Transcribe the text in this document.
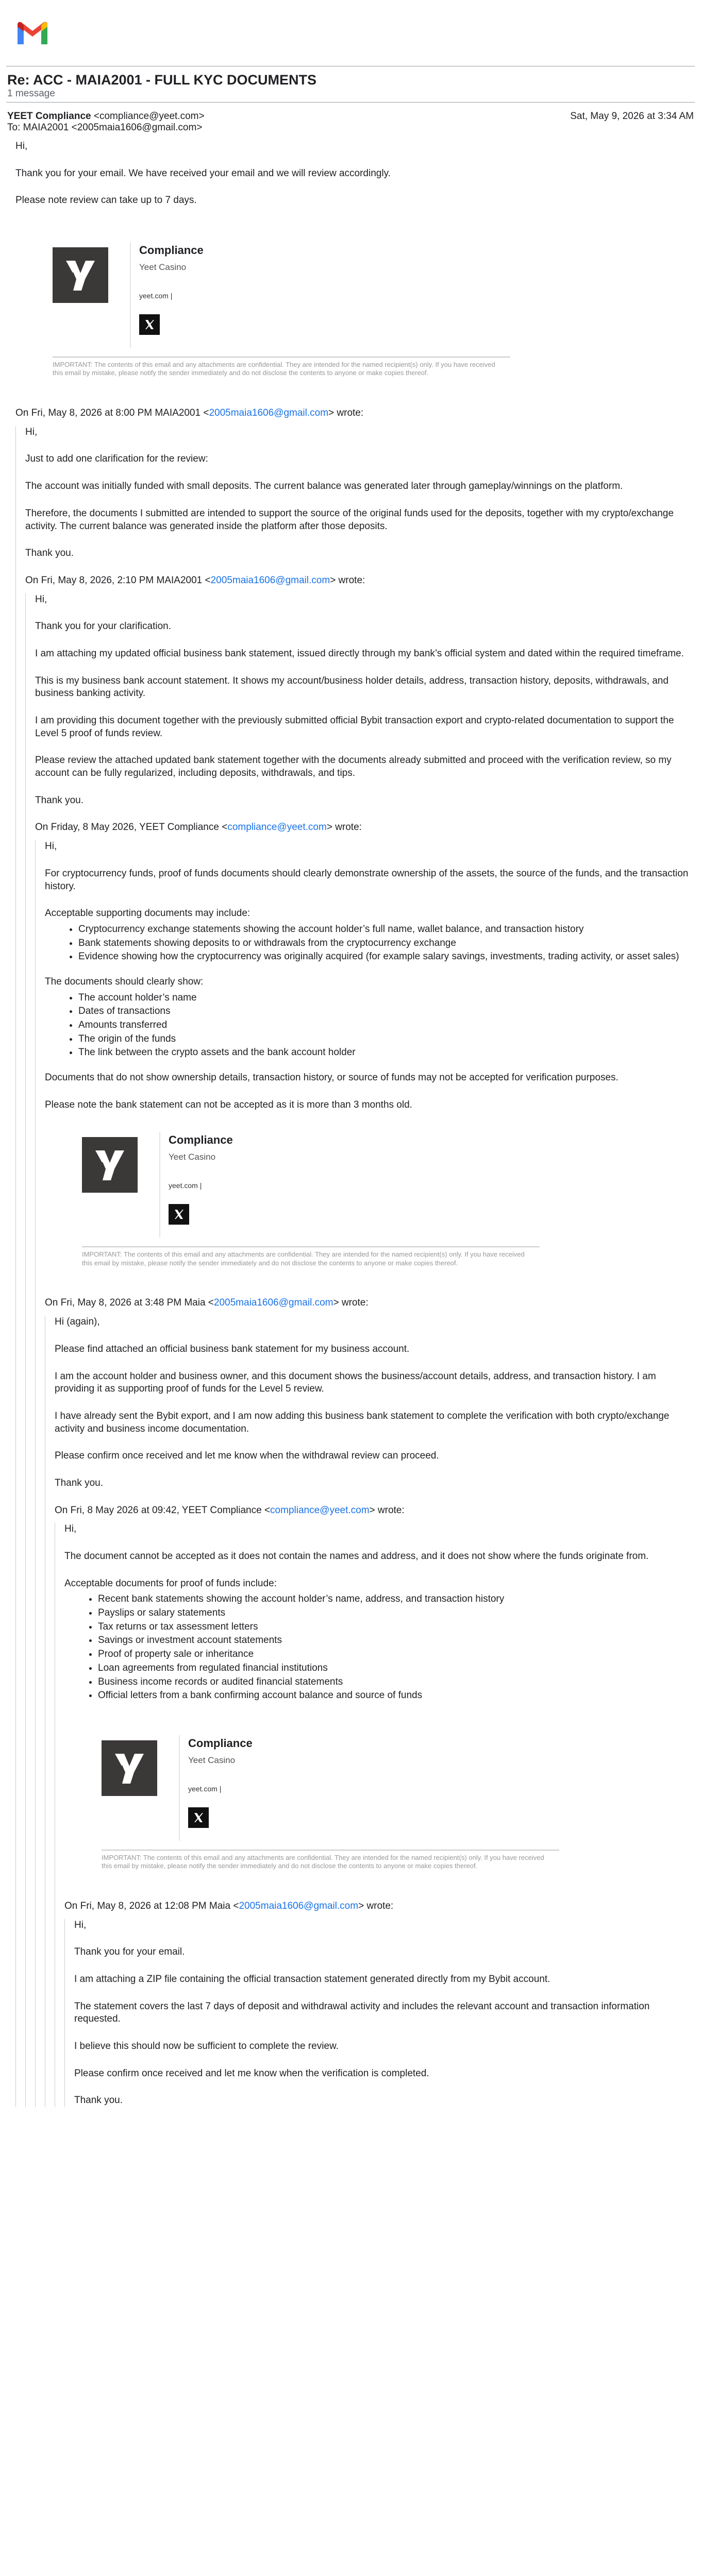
Re: ACC - MAIA2001 - FULL KYC DOCUMENTS
1 message
YEET Compliance <compliance@yeet.com>	Sat, May 9, 2026 at 3:34 AM
To: MAIA2001 <2005maia1606@gmail.com>

Hi,

Thank you for your email. We have received your email and we will review accordingly.

Please note review can take up to 7 days.

Compliance
Yeet Casino
yeet.com |
IMPORTANT: The contents of this email and any attachments are confidential. They are intended for the named recipient(s) only. If you have received this email by mistake, please notify the sender immediately and do not disclose the contents to anyone or make copies thereof.
On Fri, May 8, 2026 at 8:00 PM MAIA2001 <2005maia1606@gmail.com> wrote:

Hi,

Just to add one clarification for the review:

The account was initially funded with small deposits. The current balance was generated later through gameplay/winnings on the platform.

Therefore, the documents I submitted are intended to support the source of the original funds used for the deposits, together with my crypto/exchange activity. The current balance was generated inside the platform after those deposits.

Thank you.

On Fri, May 8, 2026, 2:10 PM MAIA2001 <2005maia1606@gmail.com> wrote:

Hi,

Thank you for your clarification.

I am attaching my updated official business bank statement, issued directly through my bank’s official system and dated within the required timeframe.

This is my business bank account statement. It shows my account/business holder details, address, transaction history, deposits, withdrawals, and business banking activity.

I am providing this document together with the previously submitted official Bybit transaction export and crypto-related documentation to support the Level 5 proof of funds review.

Please review the attached updated bank statement together with the documents already submitted and proceed with the verification review, so my account can be fully regularized, including deposits, withdrawals, and tips.

Thank you.

On Friday, 8 May 2026, YEET Compliance <compliance@yeet.com> wrote:

Hi,

For cryptocurrency funds, proof of funds documents should clearly demonstrate ownership of the assets, the source of the funds, and the transaction history.

Acceptable supporting documents may include:

• Cryptocurrency exchange statements showing the account holder’s full name, wallet balance, and transaction history
• Bank statements showing deposits to or withdrawals from the cryptocurrency exchange
• Evidence showing how the cryptocurrency was originally acquired (for example salary savings, investments, trading activity, or asset sales)

The documents should clearly show:

• The account holder’s name
• Dates of transactions
• Amounts transferred
• The origin of the funds
• The link between the crypto assets and the bank account holder

Documents that do not show ownership details, transaction history, or source of funds may not be accepted for verification purposes.

Please note the bank statement can not be accepted as it is more than 3 months old.

Compliance
Yeet Casino
yeet.com |
IMPORTANT: The contents of this email and any attachments are confidential. They are intended for the named recipient(s) only. If you have received this email by mistake, please notify the sender immediately and do not disclose the contents to anyone or make copies thereof.
On Fri, May 8, 2026 at 3:48 PM Maia <2005maia1606@gmail.com> wrote:

Hi (again),

Please find attached an official business bank statement for my business account.

I am the account holder and business owner, and this document shows the business/account details, address, and transaction history. I am providing it as supporting proof of funds for the Level 5 review.

I have already sent the Bybit export, and I am now adding this business bank statement to complete the verification with both crypto/exchange activity and business income documentation.

Please confirm once received and let me know when the withdrawal review can proceed.

Thank you.

On Fri, 8 May 2026 at 09:42, YEET Compliance <compliance@yeet.com> wrote:

Hi,

The document cannot be accepted as it does not contain the names and address, and it does not show where the funds originate from.

Acceptable documents for proof of funds include:

• Recent bank statements showing the account holder’s name, address, and transaction history
• Payslips or salary statements
• Tax returns or tax assessment letters
• Savings or investment account statements
• Proof of property sale or inheritance
• Loan agreements from regulated financial institutions
• Business income records or audited financial statements
• Official letters from a bank confirming account balance and source of funds
Compliance
Yeet Casino
yeet.com |
IMPORTANT: The contents of this email and any attachments are confidential. They are intended for the named recipient(s) only. If you have received this email by mistake, please notify the sender immediately and do not disclose the contents to anyone or make copies thereof.
On Fri, May 8, 2026 at 12:08 PM Maia <2005maia1606@gmail.com> wrote:

Hi,

Thank you for your email.

I am attaching a ZIP file containing the official transaction statement generated directly from my Bybit account.

The statement covers the last 7 days of deposit and withdrawal activity and includes the relevant account and transaction information requested.

I believe this should now be sufficient to complete the review.

Please confirm once received and let me know when the verification is completed.

Thank you.
